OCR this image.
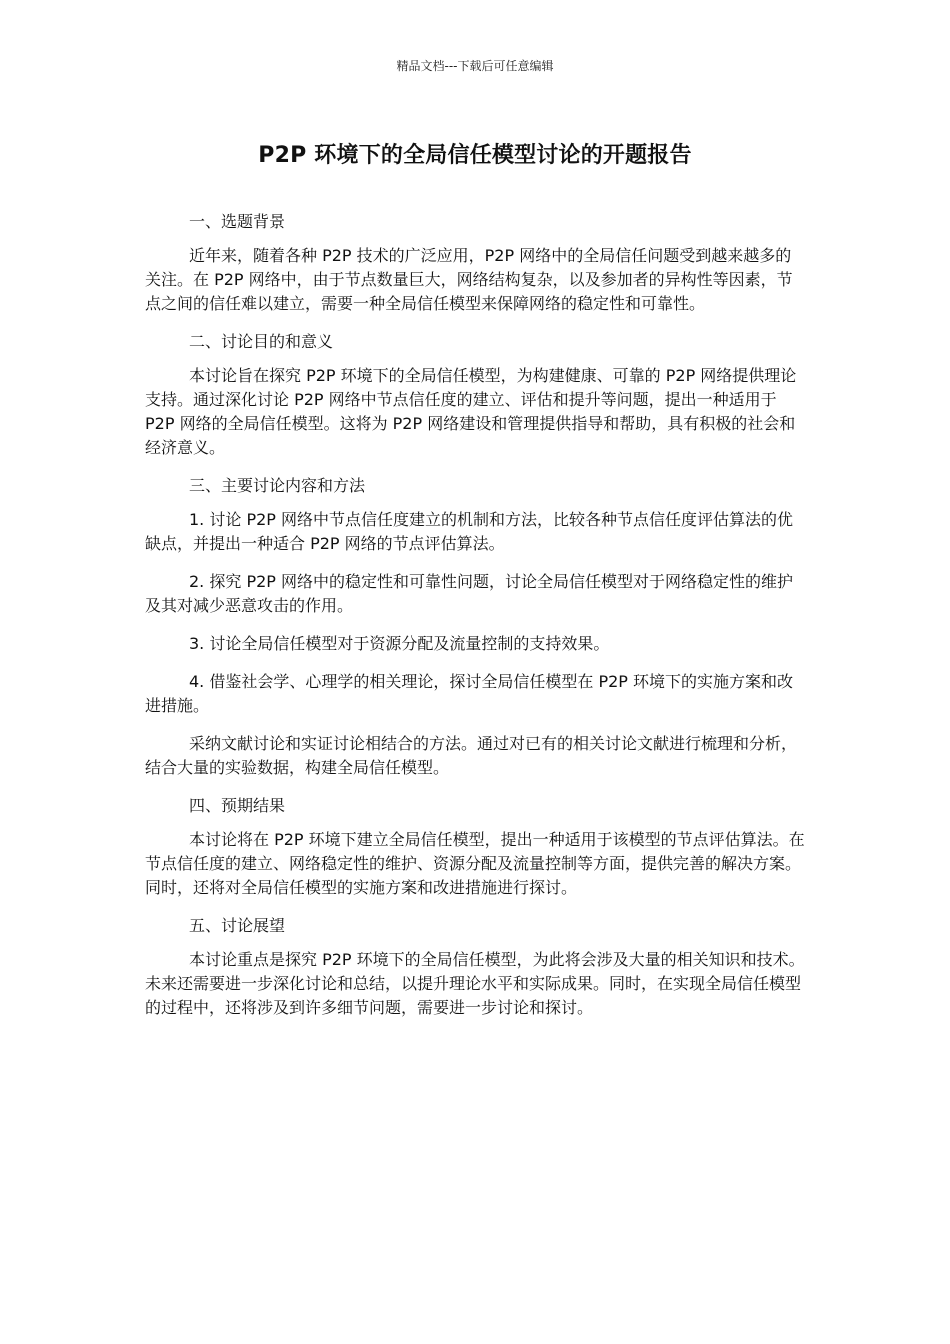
精品文档---下载后可任意编辑
P2P 环境下的全局信任模型讨论的开题报告

一、选题背景

近年来，随着各种 P2P 技术的广泛应用，P2P 网络中的全局信任问题受到越来越多的关注。在 P2P 网络中，由于节点数量巨大，网络结构复杂，以及参加者的异构性等因素，节点之间的信任难以建立，需要一种全局信任模型来保障网络的稳定性和可靠性。

二、讨论目的和意义

本讨论旨在探究 P2P 环境下的全局信任模型，为构建健康、可靠的 P2P 网络提供理论支持。通过深化讨论 P2P 网络中节点信任度的建立、评估和提升等问题，提出一种适用于 P2P 网络的全局信任模型。这将为 P2P 网络建设和管理提供指导和帮助，具有积极的社会和经济意义。

三、主要讨论内容和方法

1. 讨论 P2P 网络中节点信任度建立的机制和方法，比较各种节点信任度评估算法的优缺点，并提出一种适合 P2P 网络的节点评估算法。

2. 探究 P2P 网络中的稳定性和可靠性问题，讨论全局信任模型对于网络稳定性的维护及其对减少恶意攻击的作用。

3. 讨论全局信任模型对于资源分配及流量控制的支持效果。

4. 借鉴社会学、心理学的相关理论，探讨全局信任模型在 P2P 环境下的实施方案和改进措施。

采纳文献讨论和实证讨论相结合的方法。通过对已有的相关讨论文献进行梳理和分析，结合大量的实验数据，构建全局信任模型。

四、预期结果

本讨论将在 P2P 环境下建立全局信任模型，提出一种适用于该模型的节点评估算法。在节点信任度的建立、网络稳定性的维护、资源分配及流量控制等方面，提供完善的解决方案。同时，还将对全局信任模型的实施方案和改进措施进行探讨。

五、讨论展望

本讨论重点是探究 P2P 环境下的全局信任模型，为此将会涉及大量的相关知识和技术。未来还需要进一步深化讨论和总结，以提升理论水平和实际成果。同时，在实现全局信任模型的过程中，还将涉及到许多细节问题，需要进一步讨论和探讨。
